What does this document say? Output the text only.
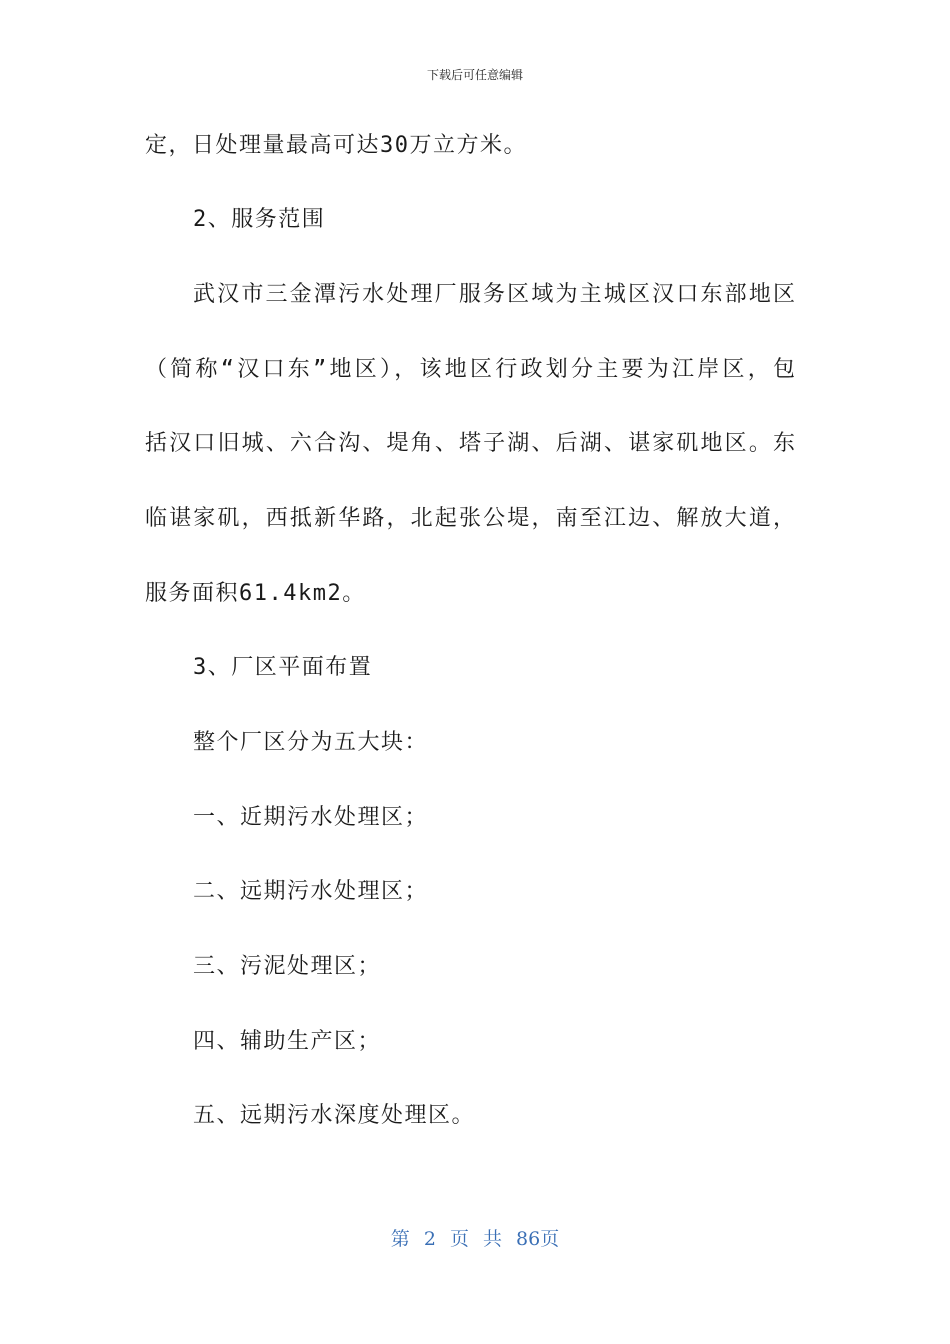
下载后可任意编辑
定，日处理量最高可达30万立方米。
2、服务范围
武汉市三金潭污水处理厂服务区域为主城区汉口东部地区
（简称“汉口东”地区），该地区行政划分主要为江岸区，包
括汉口旧城、六合沟、堤角、塔子湖、后湖、谌家矶地区。东
临谌家矶，西抵新华路，北起张公堤，南至江边、解放大道，
服务面积61.4km2。
3、厂区平面布置
整个厂区分为五大块：
一、近期污水处理区；
二、远期污水处理区；
三、污泥处理区；
四、辅助生产区；
五、远期污水深度处理区。
第 2 页 共 86页
